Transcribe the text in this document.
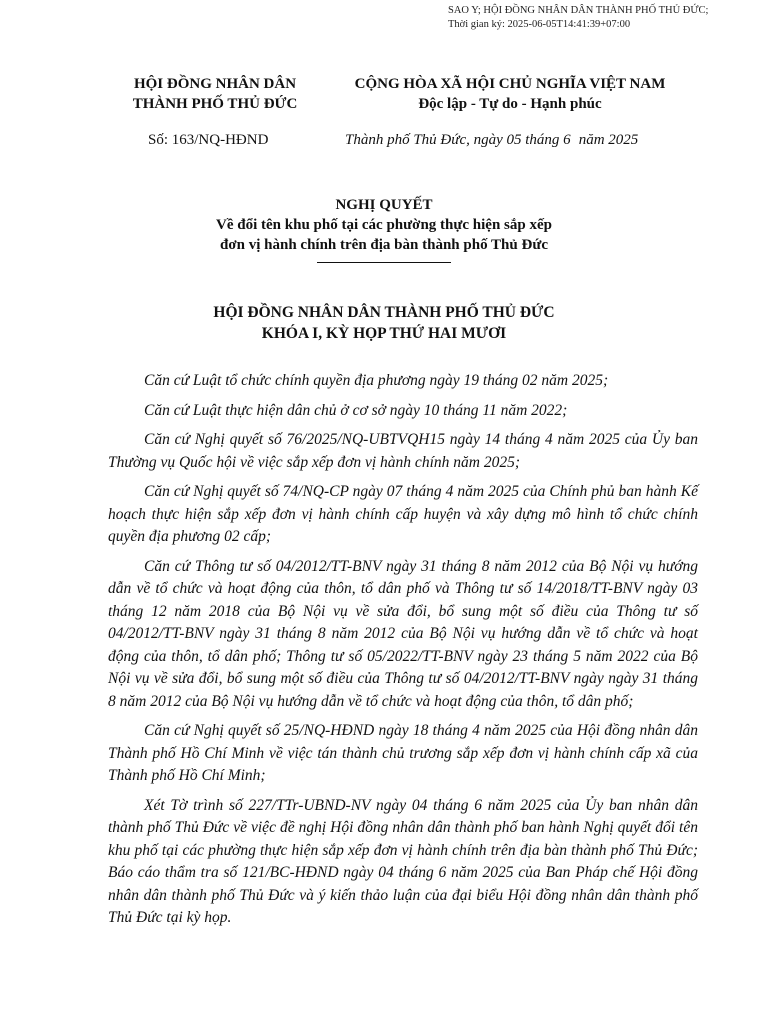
SAO Y; HỘI ĐỒNG NHÂN DÂN THÀNH PHỐ THỦ ĐỨC;
Thời gian ký: 2025-06-05T14:41:39+07:00
HỘI ĐỒNG NHÂN DÂN
THÀNH PHỐ THỦ ĐỨC
CỘNG HÒA XÃ HỘI CHỦ NGHĨA VIỆT NAM
Độc lập - Tự do - Hạnh phúc
Số: 163/NQ-HĐND	Thành phố Thủ Đức, ngày 05 tháng 6 năm 2025
NGHỊ QUYẾT
Về đổi tên khu phố tại các phường thực hiện sắp xếp
đơn vị hành chính trên địa bàn thành phố Thủ Đức
HỘI ĐỒNG NHÂN DÂN THÀNH PHỐ THỦ ĐỨC
KHÓA I, KỲ HỌP THỨ HAI MƯƠI

Căn cứ Luật tổ chức chính quyền địa phương ngày 19 tháng 02 năm 2025;

Căn cứ Luật thực hiện dân chủ ở cơ sở ngày 10 tháng 11 năm 2022;

Căn cứ Nghị quyết số 76/2025/NQ-UBTVQH15 ngày 14 tháng 4 năm 2025 của Ủy ban Thường vụ Quốc hội về việc sắp xếp đơn vị hành chính năm 2025;

Căn cứ Nghị quyết số 74/NQ-CP ngày 07 tháng 4 năm 2025 của Chính phủ ban hành Kế hoạch thực hiện sắp xếp đơn vị hành chính cấp huyện và xây dựng mô hình tổ chức chính quyền địa phương 02 cấp;

Căn cứ Thông tư số 04/2012/TT-BNV ngày 31 tháng 8 năm 2012 của Bộ Nội vụ hướng dẫn về tổ chức và hoạt động của thôn, tổ dân phố và Thông tư số 14/2018/TT-BNV ngày 03 tháng 12 năm 2018 của Bộ Nội vụ về sửa đổi, bổ sung một số điều của Thông tư số 04/2012/TT-BNV ngày 31 tháng 8 năm 2012 của Bộ Nội vụ hướng dẫn về tổ chức và hoạt động của thôn, tổ dân phố; Thông tư số 05/2022/TT-BNV ngày 23 tháng 5 năm 2022 của Bộ Nội vụ về sửa đổi, bổ sung một số điều của Thông tư số 04/2012/TT-BNV ngày ngày 31 tháng 8 năm 2012 của Bộ Nội vụ hướng dẫn về tổ chức và hoạt động của thôn, tổ dân phố;

Căn cứ Nghị quyết số 25/NQ-HĐND ngày 18 tháng 4 năm 2025 của Hội đồng nhân dân Thành phố Hồ Chí Minh về việc tán thành chủ trương sắp xếp đơn vị hành chính cấp xã của Thành phố Hồ Chí Minh;

Xét Tờ trình số 227/TTr-UBND-NV ngày 04 tháng 6 năm 2025 của Ủy ban nhân dân thành phố Thủ Đức về việc đề nghị Hội đồng nhân dân thành phố ban hành Nghị quyết đổi tên khu phố tại các phường thực hiện sắp xếp đơn vị hành chính trên địa bàn thành phố Thủ Đức; Báo cáo thẩm tra số 121/BC-HĐND ngày 04 tháng 6 năm 2025 của Ban Pháp chế Hội đồng nhân dân thành phố Thủ Đức và ý kiến thảo luận của đại biểu Hội đồng nhân dân thành phố Thủ Đức tại kỳ họp.
